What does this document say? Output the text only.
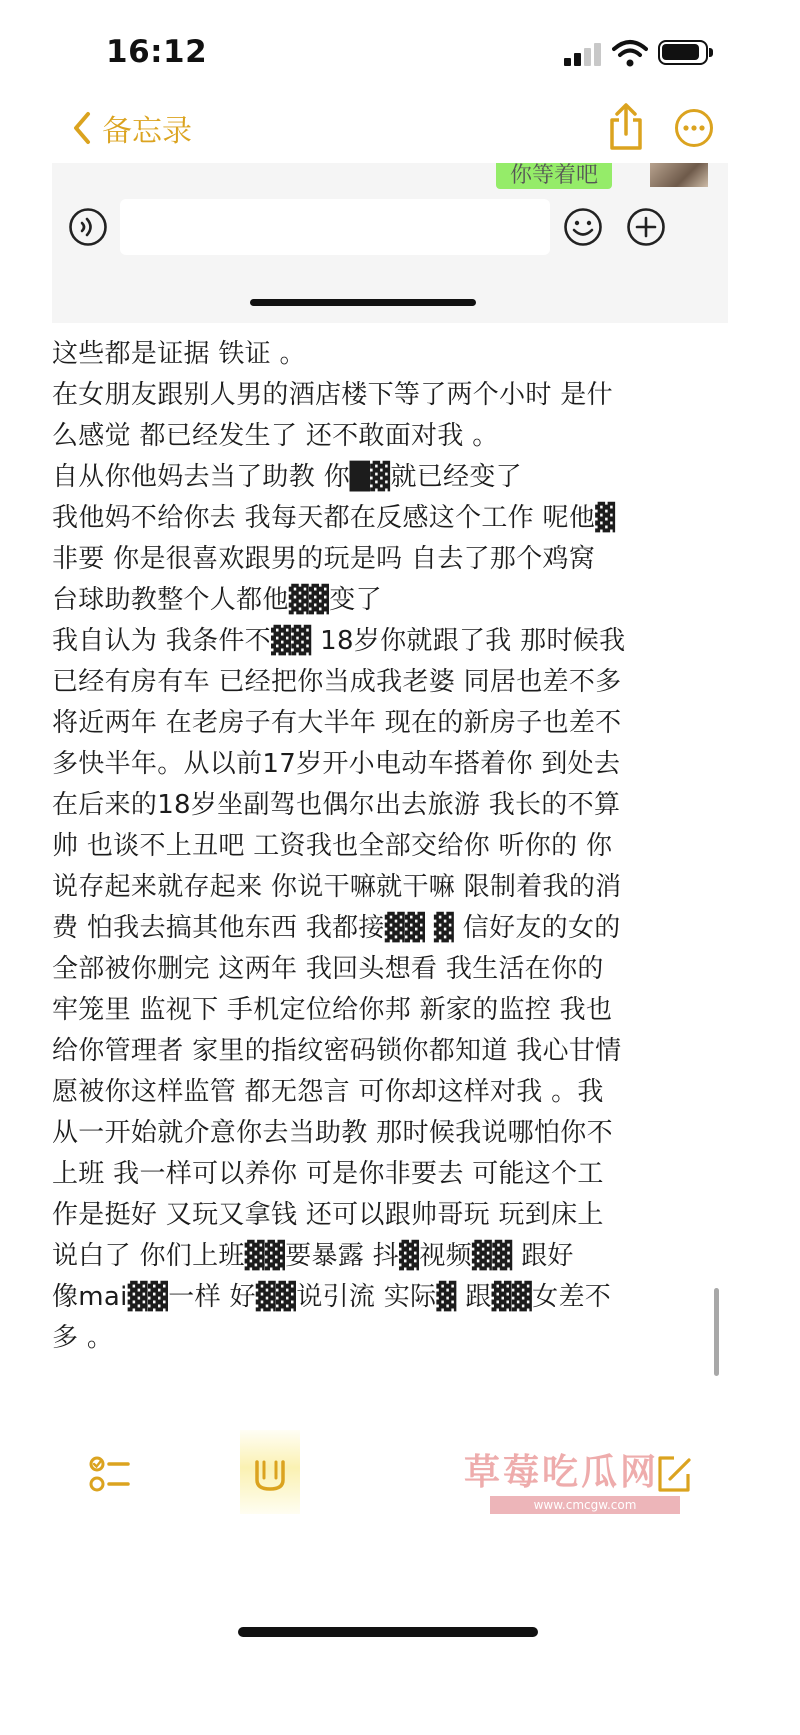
16:12
备忘录
你等着吧
这些都是证据 铁证 。
在女朋友跟别人男的酒店楼下等了两个小时 是什
么感觉 都已经发生了 还不敢面对我 。
自从你他妈去当了助教 你█▓就已经变了
我他妈不给你去 我每天都在反感这个工作 呢他▓
非要 你是很喜欢跟男的玩是吗 自去了那个鸡窝
台球助教整个人都他▓▓变了
我自认为 我条件不▓▓ 18岁你就跟了我 那时候我
已经有房有车 已经把你当成我老婆 同居也差不多
将近两年 在老房子有大半年 现在的新房子也差不
多快半年。从以前17岁开小电动车搭着你 到处去
在后来的18岁坐副驾也偶尔出去旅游 我长的不算
帅 也谈不上丑吧 工资我也全部交给你 听你的 你
说存起来就存起来 你说干嘛就干嘛 限制着我的消
费 怕我去搞其他东西 我都接▓▓ ▓ 信好友的女的
全部被你删完 这两年 我回头想看 我生活在你的
牢笼里 监视下 手机定位给你邦 新家的监控 我也
给你管理者 家里的指纹密码锁你都知道 我心甘情
愿被你这样监管 都无怨言 可你却这样对我 。我
从一开始就介意你去当助教 那时候我说哪怕你不
上班 我一样可以养你 可是你非要去 可能这个工
作是挺好 又玩又拿钱 还可以跟帅哥玩 玩到床上
说白了 你们上班▓▓要暴露 抖▓视频▓▓ 跟好
像mai▓▓一样 好▓▓说引流 实际▓ 跟▓▓女差不
多 。
草莓吃瓜网
www.cmcgw.com
